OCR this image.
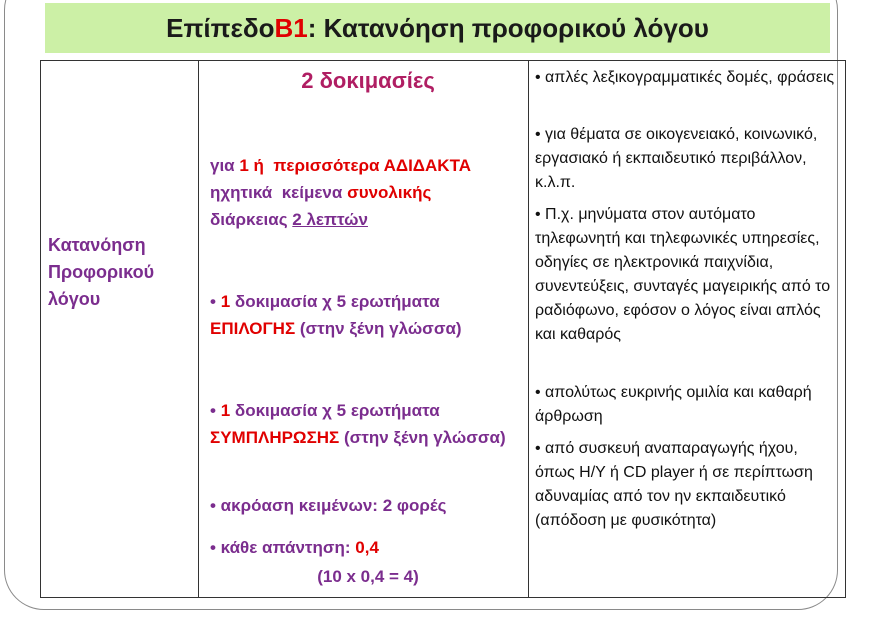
Επίπεδο Β1 : Κατανόηση προφορικού λόγου
Κατανόηση
Προφορικού
λόγου
2 δοκιμασίες
για 1 ή περισσότερα ΑΔΙΔΑΚΤΑ
ηχητικά κείμενα συνολικής
διάρκειας 2 λεπτών
• 1 δοκιμασία χ 5 ερωτήματα
ΕΠΙΛΟΓΗΣ (στην ξένη γλώσσα)
• 1 δοκιμασία χ 5 ερωτήματα
ΣΥΜΠΛΗΡΩΣΗΣ (στην ξένη γλώσσα)
• ακρόαση κειμένων: 2 φορές
• κάθε απάντηση: 0,4
(10 x 0,4 = 4)
• απλές λεξικογραμματικές δομές, φράσεις
• για θέματα σε οικογενειακό, κοινωνικό, εργασιακό ή εκπαιδευτικό περιβάλλον, κ.λ.π.
• Π.χ. μηνύματα στον αυτόματο τηλεφωνητή και τηλεφωνικές υπηρεσίες, οδηγίες σε ηλεκτρονικά παιχνίδια, συνεντεύξεις, συνταγές μαγειρικής από το ραδιόφωνο, εφόσον ο λόγος είναι απλός και καθαρός
• απολύτως ευκρινής ομιλία και καθαρή άρθρωση
• από συσκευή αναπαραγωγής ήχου, όπως Η/Υ ή CD player ή σε περίπτωση αδυναμίας από τον ην εκπαιδευτικό (απόδοση με φυσικότητα)
